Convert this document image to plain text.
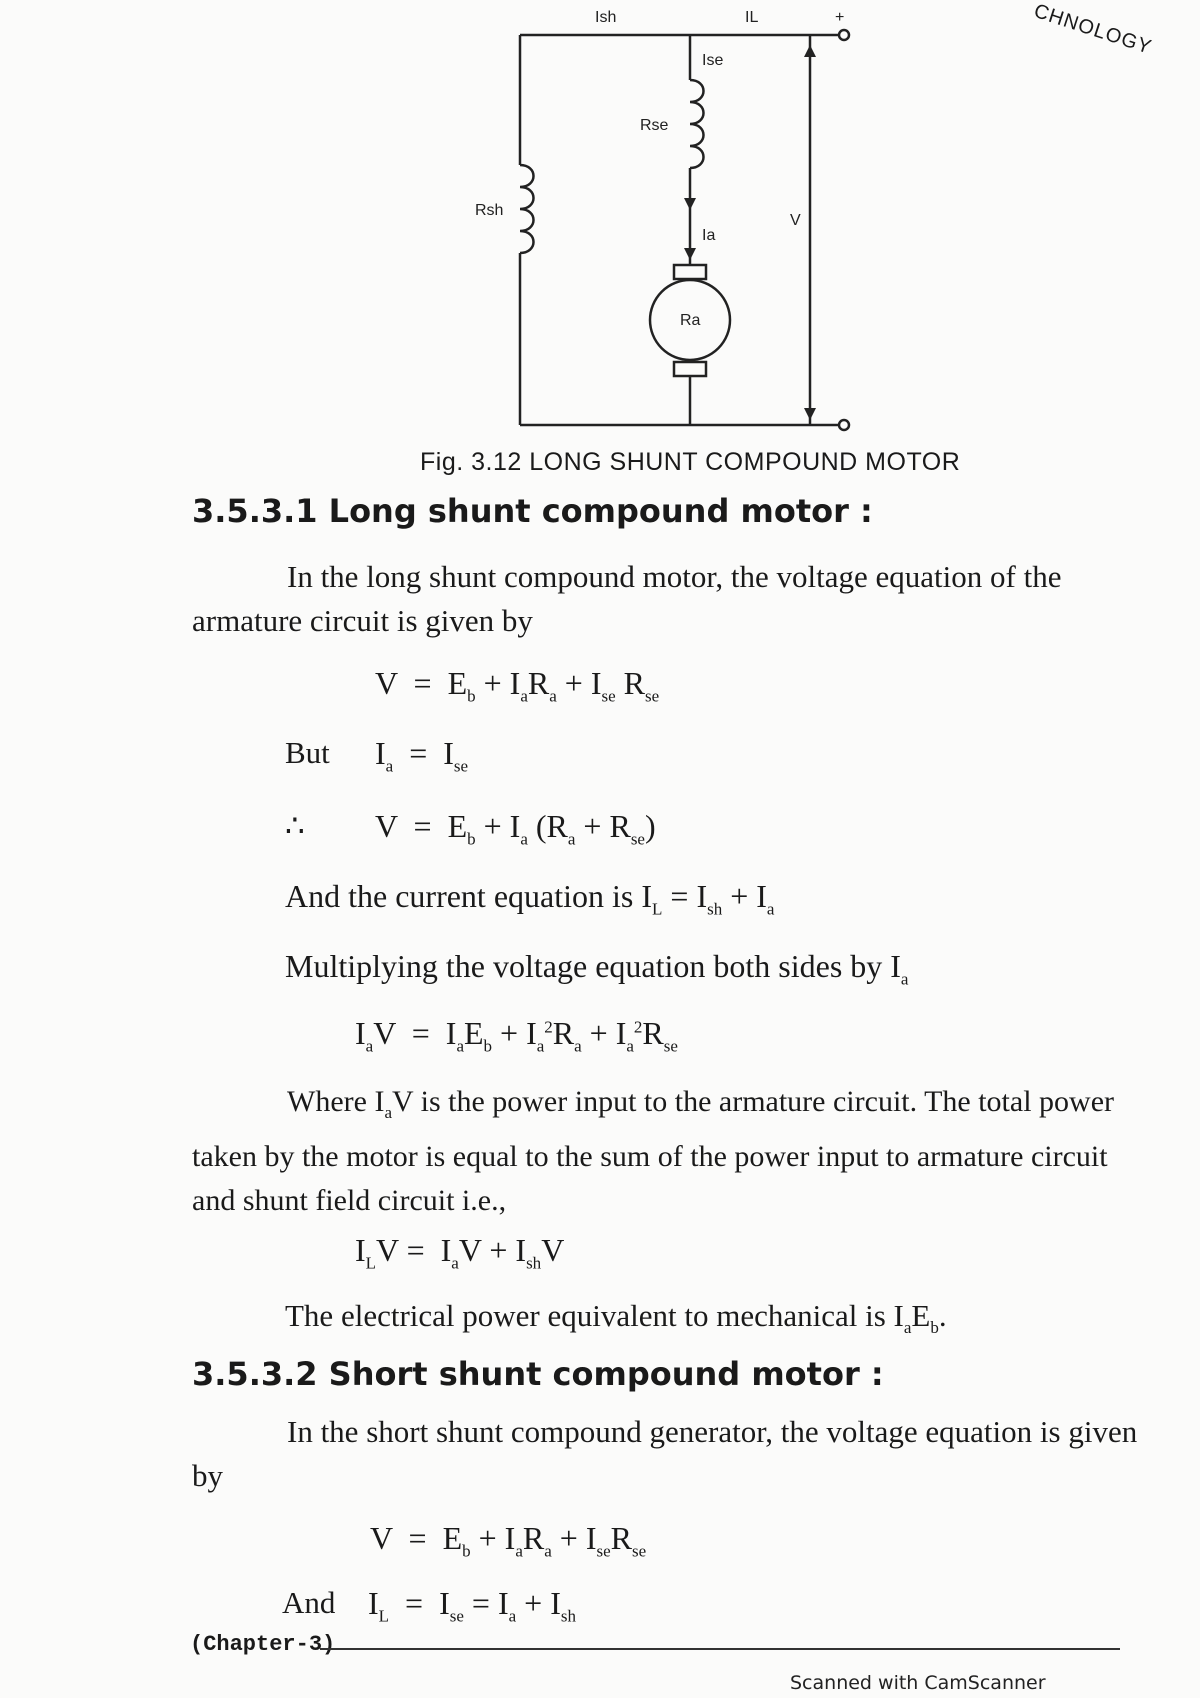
CHNOLOGY
Ish	IL	+
Ise
Rse
Rsh
Ia
V
Ra
Fig. 3.12 LONG SHUNT COMPOUND MOTOR
3.5.3.1 Long shunt compound motor :
In the long shunt compound motor, the voltage equation of the armature circuit is given by
$V = E_b + I_aR_a + I_{se}$ $R_{se}$
But $I_a = I_{se}$
∴ $V = E_b + I_a$ $(R_a + R_{se})$
And the current equation is $I_L = I_{sh} + I_a$
Multiplying the voltage equation both sides by $I_a$
$I_aV = I_aE_b + I_a^2R_a + I_a^2R_{se}$
Where $I_aV$ is the power input to the armature circuit. The total power taken by the motor is equal to the sum of the power input to armature circuit and shunt field circuit i.e.,
$I_LV = I_aV + I_{sh}V$
The electrical power equivalent to mechanical is $I_aE_b$.
3.5.3.2 Short shunt compound motor :
In the short shunt compound generator, the voltage equation is given by
$V = E_b + I_aR_a + I_{se}R_{se}$
And $I_L = I_{se} = I_a + I_{sh}$
(Chapter-3)
Scanned with CamScanner
